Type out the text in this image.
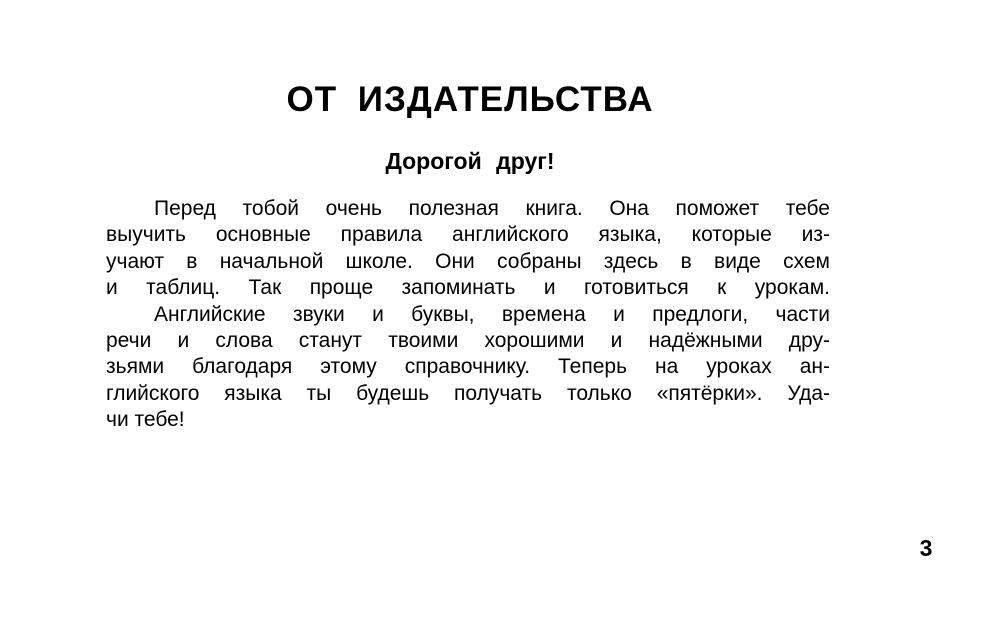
ОТ ИЗДАТЕЛЬСТВА
Дорогой друг!
Перед тобой очень полезная книга. Она поможет тебе
выучить основные правила английского языка, которые из-
учают в начальной школе. Они собраны здесь в виде схем
и таблиц. Так проще запоминать и готовиться к урокам.
Английские звуки и буквы, времена и предлоги, части
речи и слова станут твоими хорошими и надёжными дру-
зьями благодаря этому справочнику. Теперь на уроках ан-
глийского языка ты будешь получать только «пятёрки». Уда-
чи тебе!
3
